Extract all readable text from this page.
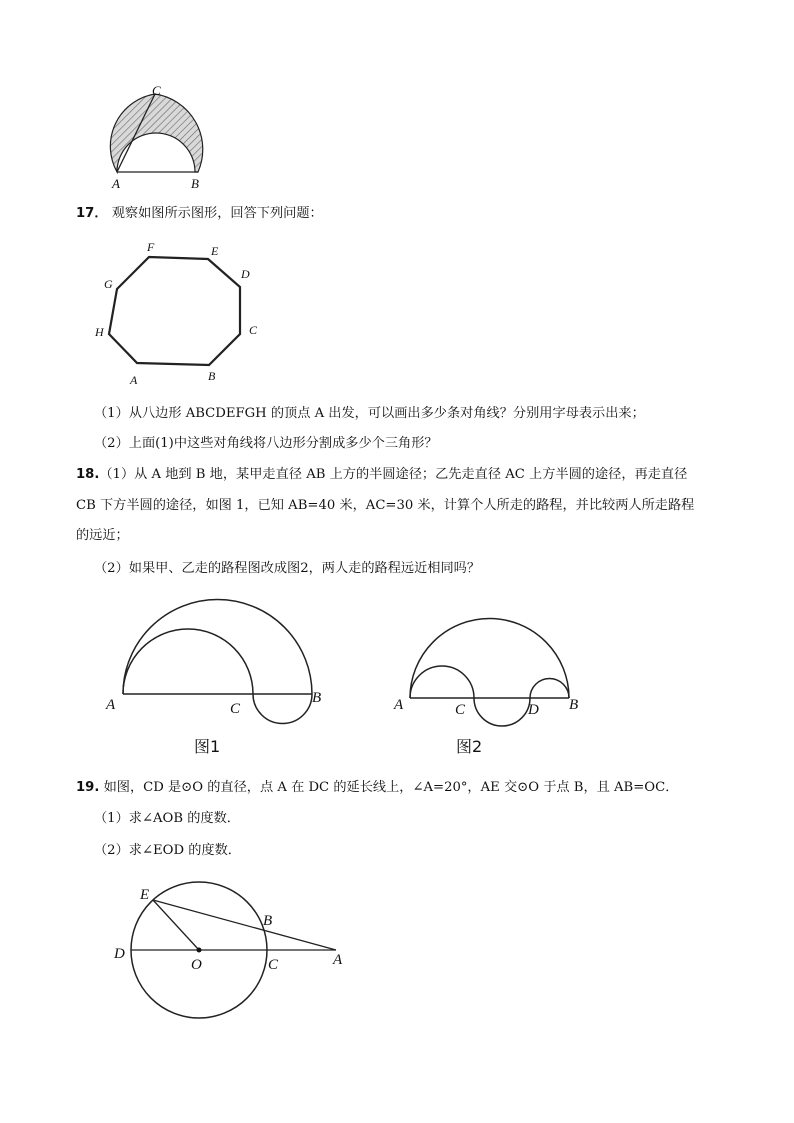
C
A	B
17． 观察如图所示图形，回答下列问题：
F	E
D
C
B
A
H
G
（1）从八边形 ABCDEFGH 的顶点 A 出发，可以画出多少条对角线？分别用字母表示出来；
（2）上面(1)中这些对角线将八边形分割成多少个三角形？
18.（1）从 A 地到 B 地，某甲走直径 AB 上方的半圆途径；乙先走直径 AC 上方半圆的途径，再走直径
CB 下方半圆的途径，如图 1，已知 AB=40 米，AC=30 米，计算个人所走的路程，并比较两人所走路程
的远近；
（2）如果甲、乙走的路程图改成图2，两人走的路程远近相同吗？
A	C
B
图1
A	C	D B
图2
19. 如图，CD 是⊙O 的直径，点 A 在 DC 的延长线上，∠A=20°，AE 交⊙O 于点 B，且 AB=OC．
（1）求∠AOB 的度数．
（2）求∠EOD 的度数．
E
B
D
O	C	A
